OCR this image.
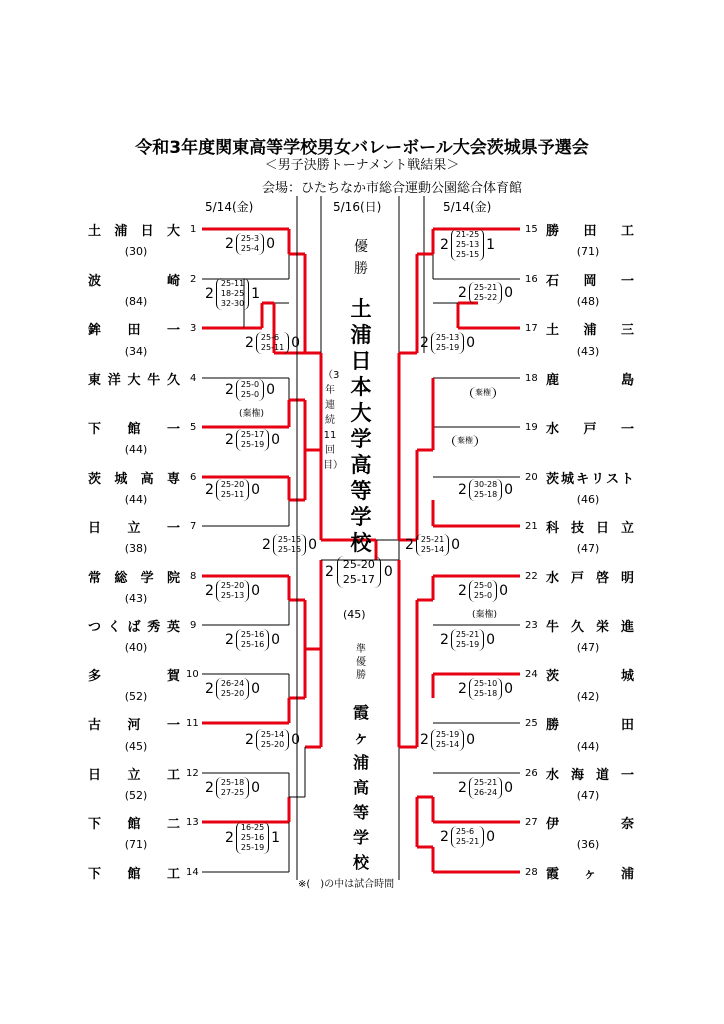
令和3年度関東高等学校男女バレーボール大会茨城県予選会
＜男子決勝トーナメント戦結果＞
会場：ひたちなか市総合運動公園総合体育館
5/14(金)	5/16(日)	5/14(金)
土浦日大 1
(30)
波崎 2
(84)
鉾田一 3
(34)
東洋大牛久 4
下館一 5
(44)
茨城高専 6
(44)
日立一 7
(38)
常総学院 8
(43)
つくば秀英 9
(40)
多賀 10
(52)
古河一 11
(45)
日立工 12
(52)
下館二 13
(71)
下館工 14
15 勝田工
(71)
16 石岡一
(48)
17 土浦三
(43)
18 鹿島
19 水戸一
20 茨城キリスト
(46)
21 科技日立
(47)
22 水戸啓明
23 牛久栄進
(47)
24 茨城
(42)
25 勝田
(44)
26 水海道一
(47)
27 伊奈
(36)
28 霞ヶ浦
優勝
土浦日本大学高等学校
（3年連続11回目）
(45)
準優勝
霞ヶ浦高等学校
※(　)の中は試合時間
2 25-3
25-4 0
2
25-11
18-25
32-30
1
2 25-6
25-11 0
2 25-0
25-0 0
(棄権)
2 25-17
25-19 0
2 25-20
25-11 0
2 25-15
25-15 0
2 25-20
25-13 0
2 25-16
25-16 0
2 26-24
25-20 0
2 25-14
25-20 0
2 25-18
27-25 0
2
16-25
25-16
25-19
1
2
21-25
25-13
25-15
1
2 25-21
25-22 0
2 25-13
25-19 0
棄権
棄権
2 30-28
25-18 0
2 25-21
25-14 0
2 25-0
25-0 0
(棄権)
2 25-21
25-19 0
2 25-10
25-18 0
2 25-19
25-14 0
2 25-21
26-24 0
2 25-6
25-21 0
2 25-20
25-17 0
